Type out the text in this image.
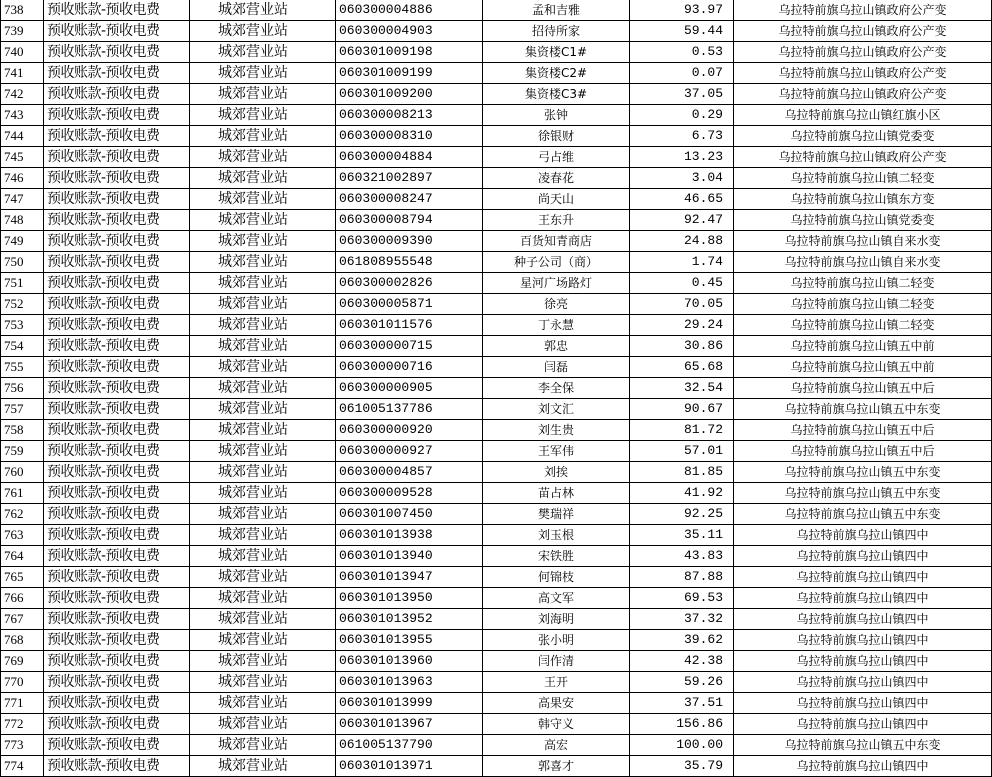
738	预收账款-预收电费	城郊营业站	060300004886	孟和吉雅	93.97	乌拉特前旗乌拉山镇政府公产变
739	预收账款-预收电费	城郊营业站	060300004903	招待所家	59.44	乌拉特前旗乌拉山镇政府公产变
740	预收账款-预收电费	城郊营业站	060301009198	集资楼C1#	0.53	乌拉特前旗乌拉山镇政府公产变
741	预收账款-预收电费	城郊营业站	060301009199	集资楼C2#	0.07	乌拉特前旗乌拉山镇政府公产变
742	预收账款-预收电费	城郊营业站	060301009200	集资楼C3#	37.05	乌拉特前旗乌拉山镇政府公产变
743	预收账款-预收电费	城郊营业站	060300008213	张钟	0.29	乌拉特前旗乌拉山镇红旗小区
744	预收账款-预收电费	城郊营业站	060300008310	徐银财	6.73	乌拉特前旗乌拉山镇党委变
745	预收账款-预收电费	城郊营业站	060300004884	弓占维	13.23	乌拉特前旗乌拉山镇政府公产变
746	预收账款-预收电费	城郊营业站	060321002897	凌春花	3.04	乌拉特前旗乌拉山镇二轻变
747	预收账款-预收电费	城郊营业站	060300008247	尚天山	46.65	乌拉特前旗乌拉山镇东方变
748	预收账款-预收电费	城郊营业站	060300008794	王东升	92.47	乌拉特前旗乌拉山镇党委变
749	预收账款-预收电费	城郊营业站	060300009390	百货知青商店	24.88	乌拉特前旗乌拉山镇自来水变
750	预收账款-预收电费	城郊营业站	061808955548	种子公司（商）	1.74	乌拉特前旗乌拉山镇自来水变
751	预收账款-预收电费	城郊营业站	060300002826	星河广场路灯	0.45	乌拉特前旗乌拉山镇二轻变
752	预收账款-预收电费	城郊营业站	060300005871	徐亮	70.05	乌拉特前旗乌拉山镇二轻变
753	预收账款-预收电费	城郊营业站	060301011576	丁永慧	29.24	乌拉特前旗乌拉山镇二轻变
754	预收账款-预收电费	城郊营业站	060300000715	郭忠	30.86	乌拉特前旗乌拉山镇五中前
755	预收账款-预收电费	城郊营业站	060300000716	闫磊	65.68	乌拉特前旗乌拉山镇五中前
756	预收账款-预收电费	城郊营业站	060300000905	李全保	32.54	乌拉特前旗乌拉山镇五中后
757	预收账款-预收电费	城郊营业站	061005137786	刘文汇	90.67	乌拉特前旗乌拉山镇五中东变
758	预收账款-预收电费	城郊营业站	060300000920	刘生贵	81.72	乌拉特前旗乌拉山镇五中后
759	预收账款-预收电费	城郊营业站	060300000927	王军伟	57.01	乌拉特前旗乌拉山镇五中后
760	预收账款-预收电费	城郊营业站	060300004857	刘挨	81.85	乌拉特前旗乌拉山镇五中东变
761	预收账款-预收电费	城郊营业站	060300009528	苗占林	41.92	乌拉特前旗乌拉山镇五中东变
762	预收账款-预收电费	城郊营业站	060301007450	樊瑞祥	92.25	乌拉特前旗乌拉山镇五中东变
763	预收账款-预收电费	城郊营业站	060301013938	刘玉根	35.11	乌拉特前旗乌拉山镇四中
764	预收账款-预收电费	城郊营业站	060301013940	宋铁胜	43.83	乌拉特前旗乌拉山镇四中
765	预收账款-预收电费	城郊营业站	060301013947	何锦枝	87.88	乌拉特前旗乌拉山镇四中
766	预收账款-预收电费	城郊营业站	060301013950	高文军	69.53	乌拉特前旗乌拉山镇四中
767	预收账款-预收电费	城郊营业站	060301013952	刘海明	37.32	乌拉特前旗乌拉山镇四中
768	预收账款-预收电费	城郊营业站	060301013955	张小明	39.62	乌拉特前旗乌拉山镇四中
769	预收账款-预收电费	城郊营业站	060301013960	闫作清	42.38	乌拉特前旗乌拉山镇四中
770	预收账款-预收电费	城郊营业站	060301013963	王开	59.26	乌拉特前旗乌拉山镇四中
771	预收账款-预收电费	城郊营业站	060301013999	高果安	37.51	乌拉特前旗乌拉山镇四中
772	预收账款-预收电费	城郊营业站	060301013967	韩守义	156.86	乌拉特前旗乌拉山镇四中
773	预收账款-预收电费	城郊营业站	061005137790	高宏	100.00	乌拉特前旗乌拉山镇五中东变
774	预收账款-预收电费	城郊营业站	060301013971	郭喜才	35.79	乌拉特前旗乌拉山镇四中
